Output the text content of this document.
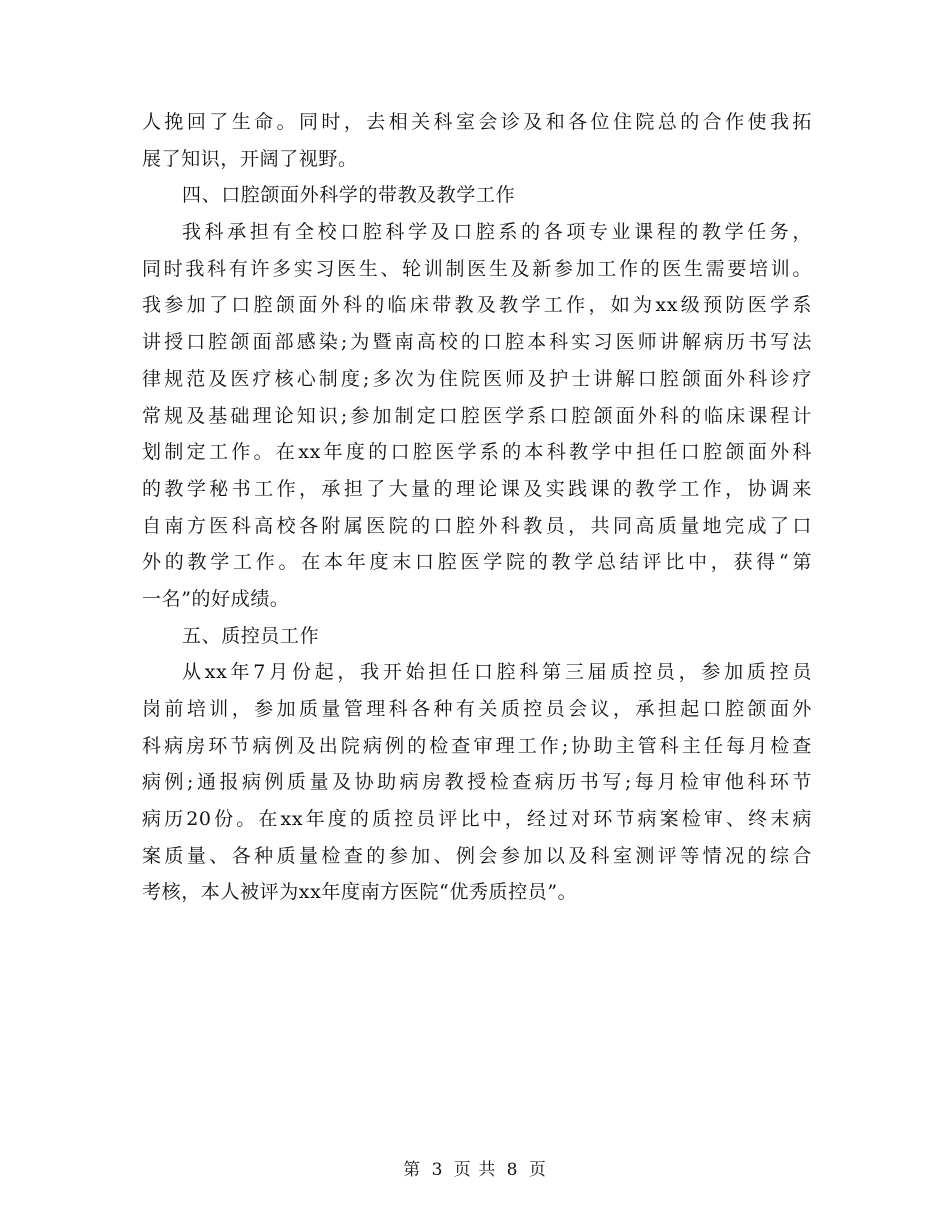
人挽回了生命。同时，去相关科室会诊及和各位住院总的合作使我拓
展了知识，开阔了视野。
四、口腔颌面外科学的带教及教学工作
我科承担有全校口腔科学及口腔系的各项专业课程的教学任务，
同时我科有许多实习医生、轮训制医生及新参加工作的医生需要培训。
我参加了口腔颌面外科的临床带教及教学工作，如为xx级预防医学系
讲授口腔颌面部感染;为暨南高校的口腔本科实习医师讲解病历书写法
律规范及医疗核心制度;多次为住院医师及护士讲解口腔颌面外科诊疗
常规及基础理论知识;参加制定口腔医学系口腔颌面外科的临床课程计
划制定工作。在xx年度的口腔医学系的本科教学中担任口腔颌面外科
的教学秘书工作，承担了大量的理论课及实践课的教学工作，协调来
自南方医科高校各附属医院的口腔外科教员，共同高质量地完成了口
外的教学工作。在本年度末口腔医学院的教学总结评比中，获得“第
一名”的好成绩。
五、质控员工作
从xx年7月份起，我开始担任口腔科第三届质控员，参加质控员
岗前培训，参加质量管理科各种有关质控员会议，承担起口腔颌面外
科病房环节病例及出院病例的检查审理工作;协助主管科主任每月检查
病例;通报病例质量及协助病房教授检查病历书写;每月检审他科环节
病历20份。在xx年度的质控员评比中，经过对环节病案检审、终末病
案质量、各种质量检查的参加、例会参加以及科室测评等情况的综合
考核，本人被评为xx年度南方医院“优秀质控员”。
第 3 页 共 8 页
